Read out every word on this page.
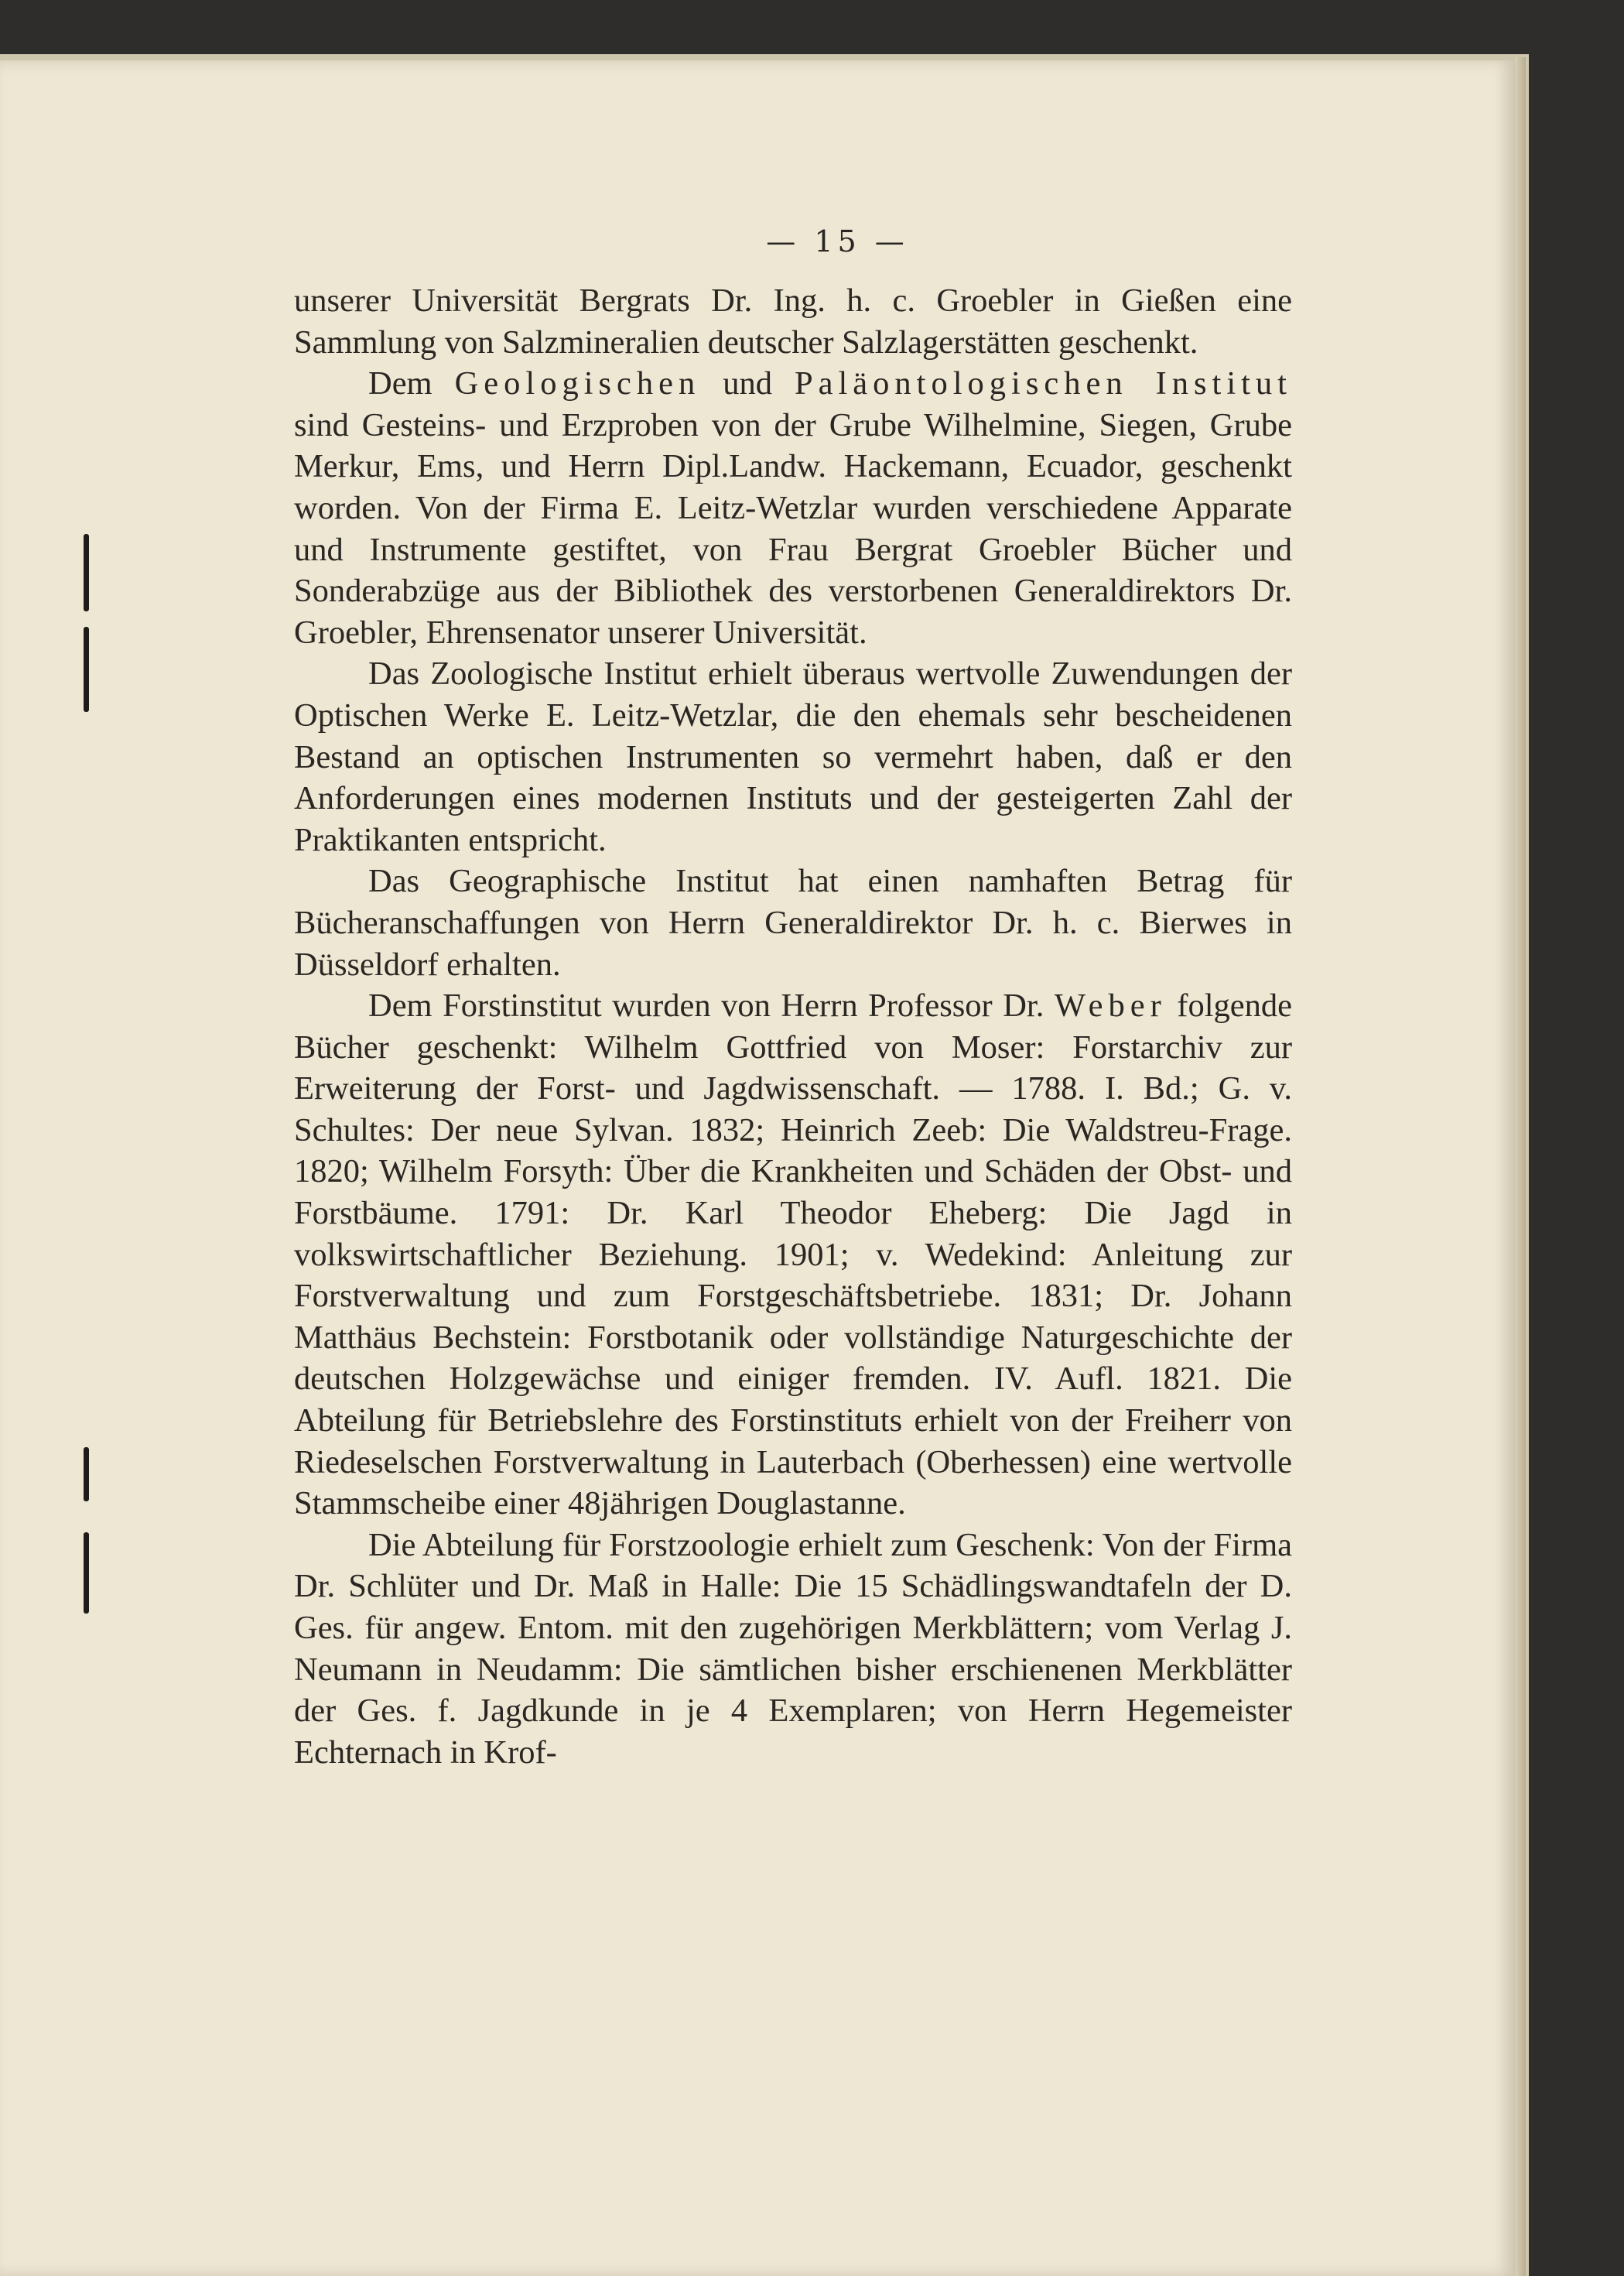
— 15 —

unserer Universität Bergrats Dr. Ing. h. c. Groebler in Gießen eine Sammlung von Salzmineralien deutscher Salzlagerstätten geschenkt.

Dem Geologischen und Paläontologischen Institut sind Gesteins- und Erzproben von der Grube Wilhelmine, Siegen, Grube Merkur, Ems, und Herrn Dipl.Landw. Hackemann, Ecuador, geschenkt worden. Von der Firma E. Leitz-Wetzlar wurden verschiedene Apparate und Instrumente gestiftet, von Frau Bergrat Groebler Bücher und Sonderabzüge aus der Bibliothek des verstorbenen Generaldirektors Dr. Groebler, Ehrensenator unserer Universität.

Das Zoologische Institut erhielt überaus wertvolle Zuwendungen der Optischen Werke E. Leitz-Wetzlar, die den ehemals sehr bescheidenen Bestand an optischen Instrumenten so vermehrt haben, daß er den Anforderungen eines modernen Instituts und der gesteigerten Zahl der Praktikanten entspricht.

Das Geographische Institut hat einen namhaften Betrag für Bücheranschaffungen von Herrn Generaldirektor Dr. h. c. Bierwes in Düsseldorf erhalten.

Dem Forstinstitut wurden von Herrn Professor Dr. Weber folgende Bücher geschenkt: Wilhelm Gottfried von Moser: Forstarchiv zur Erweiterung der Forst- und Jagdwissenschaft. — 1788. I. Bd.; G. v. Schultes: Der neue Sylvan. 1832; Heinrich Zeeb: Die Waldstreu-Frage. 1820; Wilhelm Forsyth: Über die Krankheiten und Schäden der Obst- und Forstbäume. 1791: Dr. Karl Theodor Eheberg: Die Jagd in volkswirtschaftlicher Beziehung. 1901; v. Wedekind: Anleitung zur Forstverwaltung und zum Forstgeschäftsbetriebe. 1831; Dr. Johann Matthäus Bechstein: Forstbotanik oder vollständige Naturgeschichte der deutschen Holzgewächse und einiger fremden. IV. Aufl. 1821. Die Abteilung für Betriebslehre des Forstinstituts erhielt von der Freiherr von Riedeselschen Forstverwaltung in Lauterbach (Oberhessen) eine wertvolle Stammscheibe einer 48jährigen Douglastanne.

Die Abteilung für Forstzoologie erhielt zum Geschenk: Von der Firma Dr. Schlüter und Dr. Maß in Halle: Die 15 Schädlingswandtafeln der D. Ges. für angew. Entom. mit den zugehörigen Merkblättern; vom Verlag J. Neumann in Neudamm: Die sämtlichen bisher erschienenen Merkblätter der Ges. f. Jagdkunde in je 4 Exemplaren; von Herrn Hegemeister Echternach in Krof-
